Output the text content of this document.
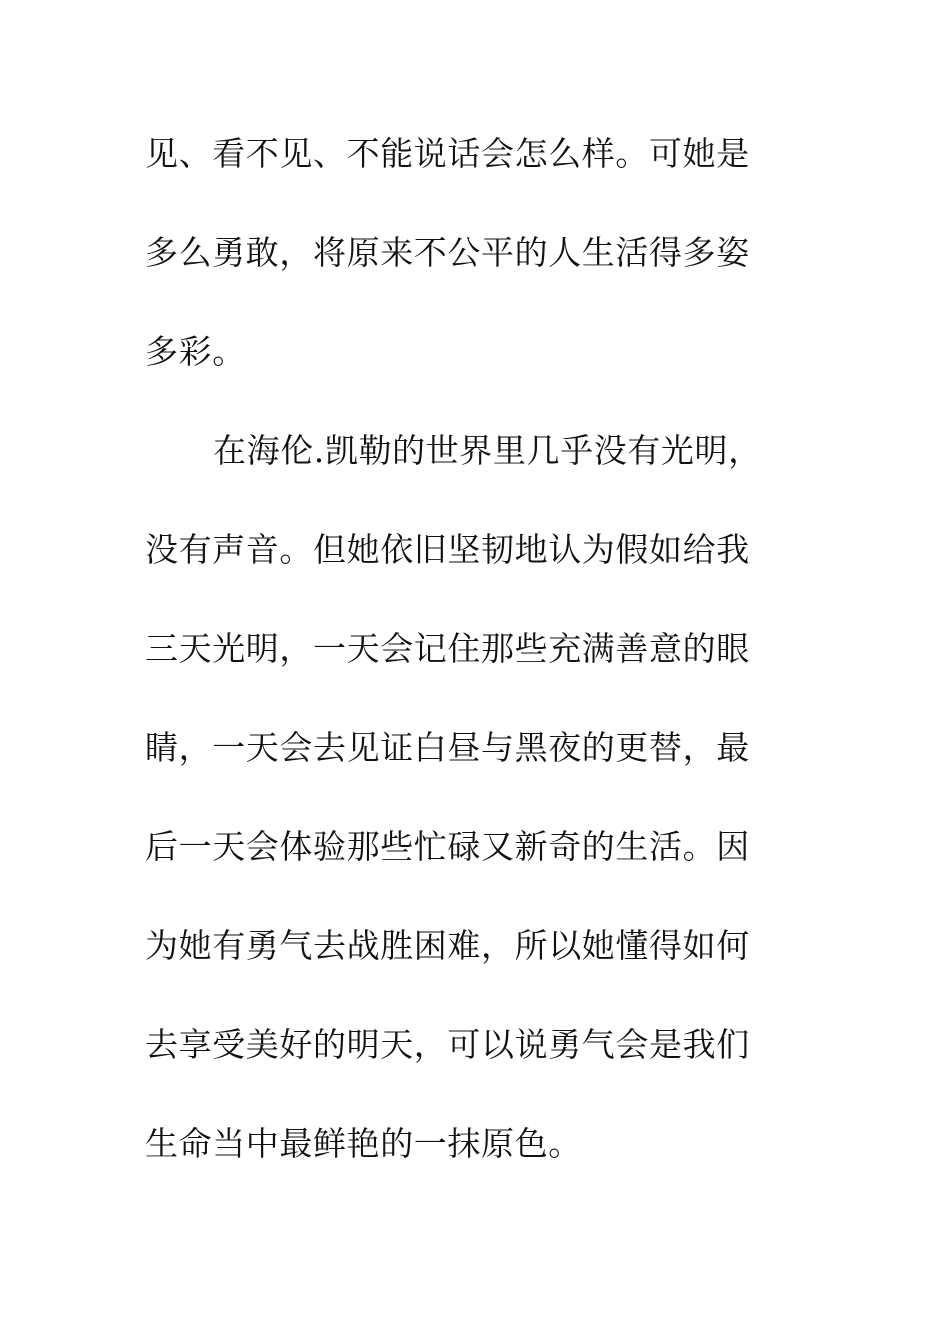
见、看不见、不能说话会怎么样。可她是
多么勇敢，将原来不公平的人生活得多姿
多彩。
在海伦.凯勒的世界里几乎没有光明，
没有声音。但她依旧坚韧地认为假如给我
三天光明，一天会记住那些充满善意的眼
睛，一天会去见证白昼与黑夜的更替，最
后一天会体验那些忙碌又新奇的生活。因
为她有勇气去战胜困难，所以她懂得如何
去享受美好的明天，可以说勇气会是我们
生命当中最鲜艳的一抹原色。
